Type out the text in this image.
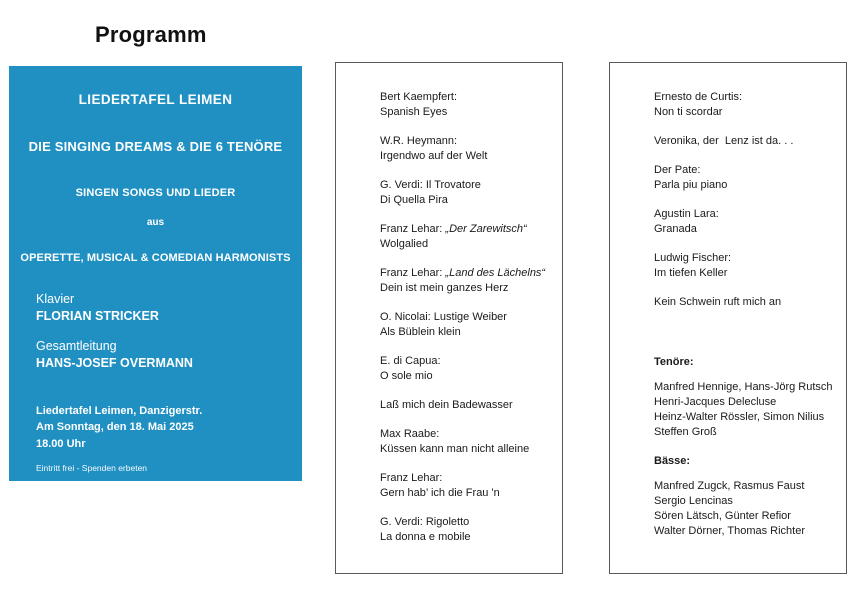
Programm
LIEDERTAFEL LEIMEN
DIE SINGING DREAMS & DIE 6 TENÖRE
SINGEN SONGS UND LIEDER
aus
OPERETTE, MUSICAL & COMEDIAN HARMONISTS
Klavier
FLORIAN STRICKER
Gesamtleitung
HANS-JOSEF OVERMANN
Liedertafel Leimen, Danzigerstr.
Am Sonntag, den 18. Mai 2025
18.00 Uhr
Eintritt frei - Spenden erbeten
Bert Kaempfert:
Spanish Eyes
W.R. Heymann:
Irgendwo auf der Welt
G. Verdi: Il Trovatore
Di Quella Pira
Franz Lehar: „Der Zarewitsch“
Wolgalied
Franz Lehar: „Land des Lächelns“
Dein ist mein ganzes Herz
O. Nicolai: Lustige Weiber
Als Büblein klein
E. di Capua:
O sole mio
Laß mich dein Badewasser
Max Raabe:
Küssen kann man nicht alleine
Franz Lehar:
Gern hab’ ich die Frau 'n
G. Verdi: Rigoletto
La donna e mobile
Ernesto de Curtis:
Non ti scordar
Veronika, der  Lenz ist da. . .
Der Pate:
Parla piu piano
Agustin Lara:
Granada
Ludwig Fischer:
Im tiefen Keller
Kein Schwein ruft mich an
Tenöre:
Manfred Hennige, Hans-Jörg Rutsch
Henri-Jacques Delecluse
Heinz-Walter Rössler, Simon Nilius
Steffen Groß
Bässe:
Manfred Zugck, Rasmus Faust
Sergio Lencinas
Sören Lätsch, Günter Refior
Walter Dörner, Thomas Richter
